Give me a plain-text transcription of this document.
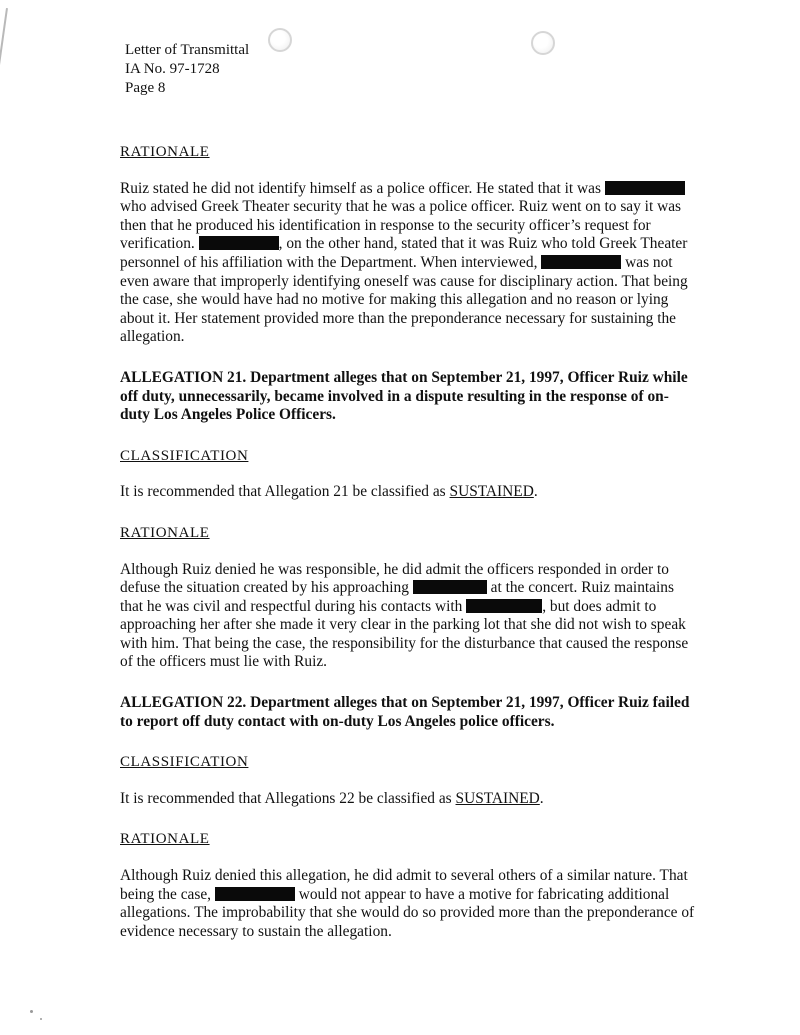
Letter of Transmittal
IA No. 97-1728
Page 8

RATIONALE

Ruiz stated he did not identify himself as a police officer. He stated that it was  who advised Greek Theater security that he was a police officer. Ruiz went on to say it was then that he produced his identification in response to the security officer’s request for verification.	, on the other hand, stated that it was Ruiz who told Greek Theater personnel of his affiliation with the Department. When interviewed,	was not even aware that improperly identifying oneself was cause for disciplinary action. That being the case, she would have had no motive for making this allegation and no reason or lying about it. Her statement provided more than the preponderance necessary for sustaining the allegation.

ALLEGATION 21. Department alleges that on September 21, 1997, Officer Ruiz while off duty, unnecessarily, became involved in a dispute resulting in the response of on-duty Los Angeles Police Officers.

CLASSIFICATION

It is recommended that Allegation 21 be classified as SUSTAINED.

RATIONALE

Although Ruiz denied he was responsible, he did admit the officers responded in order to defuse the situation created by his approaching	at the concert. Ruiz maintains that he was civil and respectful during his contacts with	, but does admit to approaching her after she made it very clear in the parking lot that she did not wish to speak with him. That being the case, the responsibility for the disturbance that caused the response of the officers must lie with Ruiz.

ALLEGATION 22. Department alleges that on September 21, 1997, Officer Ruiz failed to report off duty contact with on-duty Los Angeles police officers.

CLASSIFICATION

It is recommended that Allegations 22 be classified as SUSTAINED.

RATIONALE

Although Ruiz denied this allegation, he did admit to several others of a similar nature. That being the case,	would not appear to have a motive for fabricating additional allegations. The improbability that she would do so provided more than the preponderance of evidence necessary to sustain the allegation.
